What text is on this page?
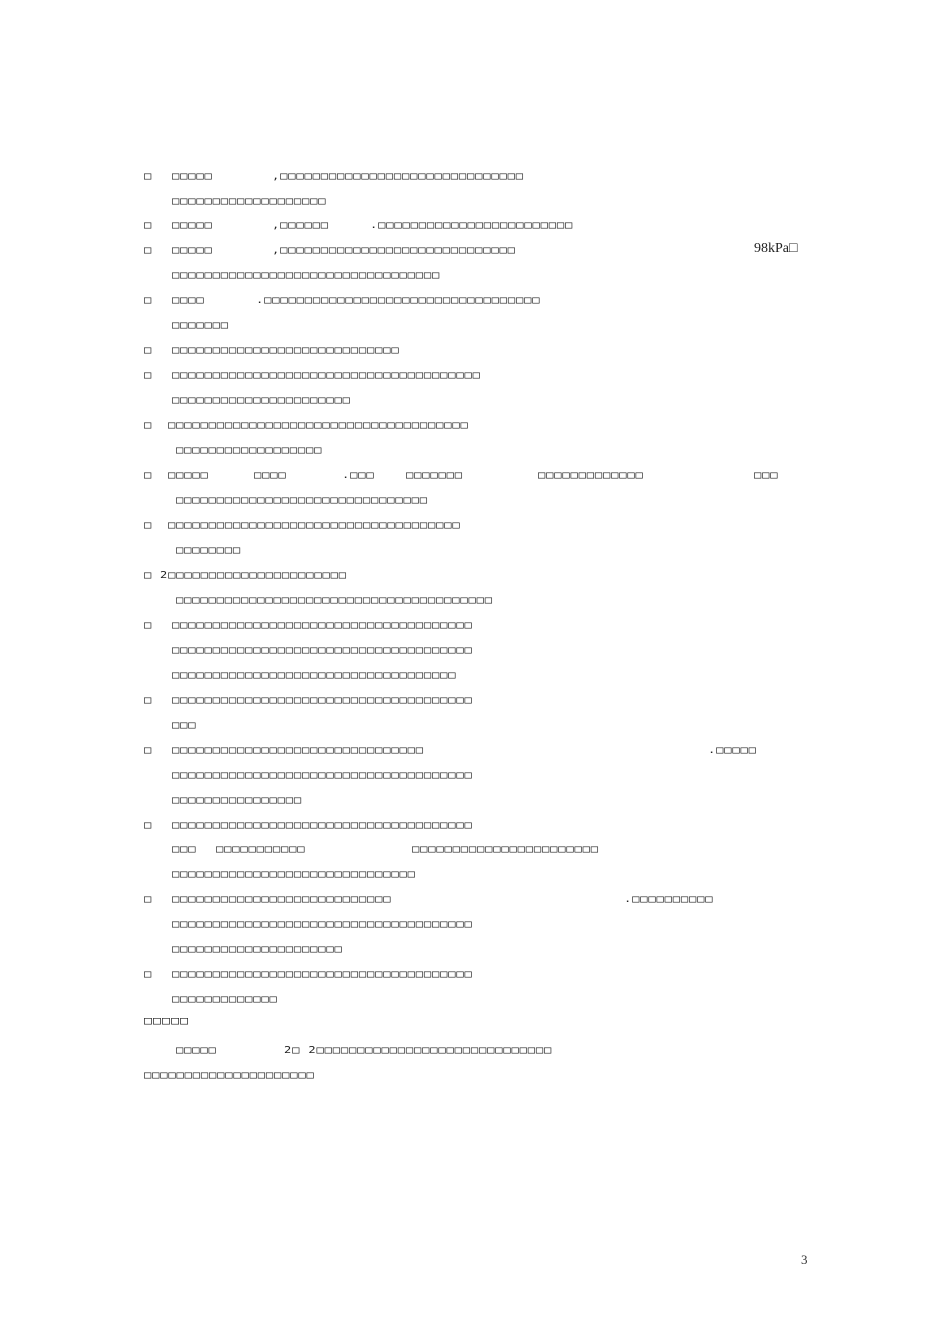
□ □□□□□	,□□□□□□□□□□□□□□□□□□□□□□□□□□□□□□
□□□□□□□□□□□□□□□□□□□
□ □□□□□	,□□□□□□	.□□□□□□□□□□□□□□□□□□□□□□□□
□ □□□□□	,□□□□□□□□□□□□□□□□□□□□□□□□□□□□□	98kPa□
□□□□□□□□□□□□□□□□□□□□□□□□□□□□□□□□□
□ □□□□	.□□□□□□□□□□□□□□□□□□□□□□□□□□□□□□□□□□
□□□□□□□
□ □□□□□□□□□□□□□□□□□□□□□□□□□□□□
□ □□□□□□□□□□□□□□□□□□□□□□□□□□□□□□□□□□□□□□
□□□□□□□□□□□□□□□□□□□□□□
□ □□□□□□□□□□□□□□□□□□□□□□□□□□□□□□□□□□□□□
□□□□□□□□□□□□□□□□□□
□ □□□□□	□□□□	.□□□	□□□□□□□	□□□□□□□□□□□□□	□□□
□□□□□□□□□□□□□□□□□□□□□□□□□□□□□□□
□ □□□□□□□□□□□□□□□□□□□□□□□□□□□□□□□□□□□□
□□□□□□□□
□ 2□□□□□□□□□□□□□□□□□□□□□□
□□□□□□□□□□□□□□□□□□□□□□□□□□□□□□□□□□□□□□□
□ □□□□□□□□□□□□□□□□□□□□□□□□□□□□□□□□□□□□□
□□□□□□□□□□□□□□□□□□□□□□□□□□□□□□□□□□□□□
□□□□□□□□□□□□□□□□□□□□□□□□□□□□□□□□□□□
□ □□□□□□□□□□□□□□□□□□□□□□□□□□□□□□□□□□□□□
□□□
□ □□□□□□□□□□□□□□□□□□□□□□□□□□□□□□□	.□□□□□
□□□□□□□□□□□□□□□□□□□□□□□□□□□□□□□□□□□□□
□□□□□□□□□□□□□□□□
□ □□□□□□□□□□□□□□□□□□□□□□□□□□□□□□□□□□□□□
□□□ □□□□□□□□□□□	□□□□□□□□□□□□□□□□□□□□□□□
□□□□□□□□□□□□□□□□□□□□□□□□□□□□□□
□ □□□□□□□□□□□□□□□□□□□□□□□□□□□	.□□□□□□□□□□
□□□□□□□□□□□□□□□□□□□□□□□□□□□□□□□□□□□□□
□□□□□□□□□□□□□□□□□□□□□
□ □□□□□□□□□□□□□□□□□□□□□□□□□□□□□□□□□□□□□
□□□□□□□□□□□□□
□□□□□
□□□□□	2□ 2□□□□□□□□□□□□□□□□□□□□□□□□□□□□□
□□□□□□□□□□□□□□□□□□□□□
3
